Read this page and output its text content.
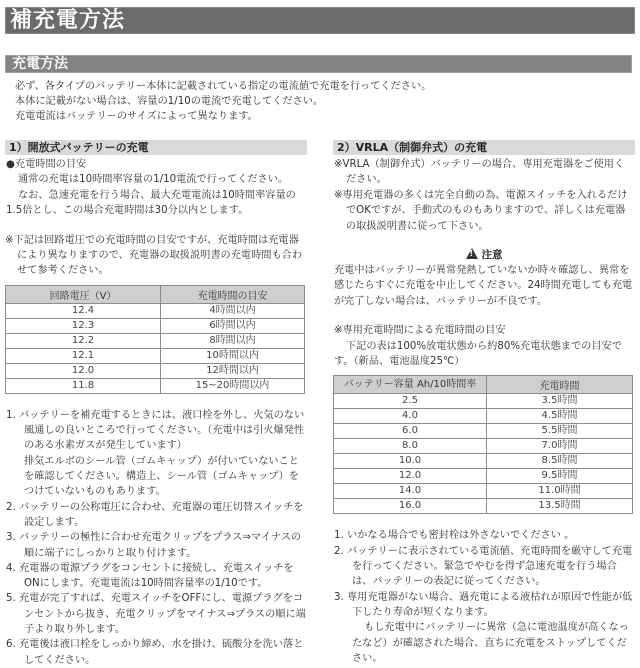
補充電方法
充電方法
必ず、各タイプのバッテリー本体に記載されている指定の電流値で充電を行ってください。
本体に記載がない場合は、容量の1/10の電流で充電してください。
充電電流はバッテリーのサイズによって異なります。
1）開放式バッテリーの充電

●充電時間の目安

通常の充電は10時間率容量の1/10電流で行ってください。

なお、急速充電を行う場合、最大充電電流は10時間率容量の1.5倍とし、この場合充電時間は30分以内とします。

※下記は回路電圧での充電時間の目安ですが、充電時間は充電器により異なりますので、充電器の取扱説明書の充電時間も合わせて参考ください。
回路電圧（V）	充電時間の目安
12.4	4時間以内
12.3	6時間以内
12.2	8時間以内
12.1	10時間以内
12.0	12時間以内
11.8	15~20時間以内

1. バッテリーを補充電するときには、液口栓を外し、火気のない風通しの良いところで行ってください。（充電中は引火爆発性のある水素ガスが発生しています）

排気エルボのシール管（ゴムキャップ）が付いていないことを確認してください。構造上、シール管（ゴムキャップ）をつけていないものもあります。

2. バッテリーの公称電圧に合わせ、充電器の電圧切替スイッチを設定します。

3. バッテリーの極性に合わせ充電クリップをプラス⇒マイナスの順に端子にしっかりと取り付けます。

4. 充電器の電源プラグをコンセントに接続し、充電スイッチをONにします。充電電流は10時間容量率の1/10です。

5. 充電が完了すれば、充電スイッチをOFFにし、電源プラグをコンセントから抜き、充電クリップをマイナス⇒プラスの順に端子より取り外します。

6. 充電後は液口栓をしっかり締め、水を掛け、硫酸分を洗い落としてください。

2）VRLA（制御弁式）の充電

※VRLA（制御弁式）バッテリーの場合、専用充電器をご使用ください。

※専用充電器の多くは完全自動の為、電源スイッチを入れるだけでOKですが、手動式のものもありますので、詳しくは充電器の取扱説明書に従って下さい。

!注意
充電中はバッテリーが異常発熱していないか時々確認し、異常を感じたらすぐに充電を中止してください。24時間充電しても充電が完了しない場合は、バッテリーが不良です。

※専用充電時間による充電時間の目安

下記の表は100%放電状態から約80%充電状態までの目安です。（新品、電池温度25℃）

バッテリー容量 Ah/10時間率	充電時間
2.5	3.5時間
4.0	4.5時間
6.0	5.5時間
8.0	7.0時間
10.0	8.5時間
12.0	9.5時間
14.0	11.0時間
16.0	13.5時間

1. いかなる場合でも密封栓は外さないでください 。

2. バッテリーに表示されている電流値、充電時間を厳守して充電を行ってください。緊急でやむを得ず急速充電を行う場合は、バッテリーの表記に従ってください。

3. 専用充電器がない場合、過充電による液枯れが原因で性能が低下したり寿命が短くなります。

もし充電中にバッテリーに異常（急に電池温度が高くなったなど）が確認された場合、直ちに充電をストップしてください。
